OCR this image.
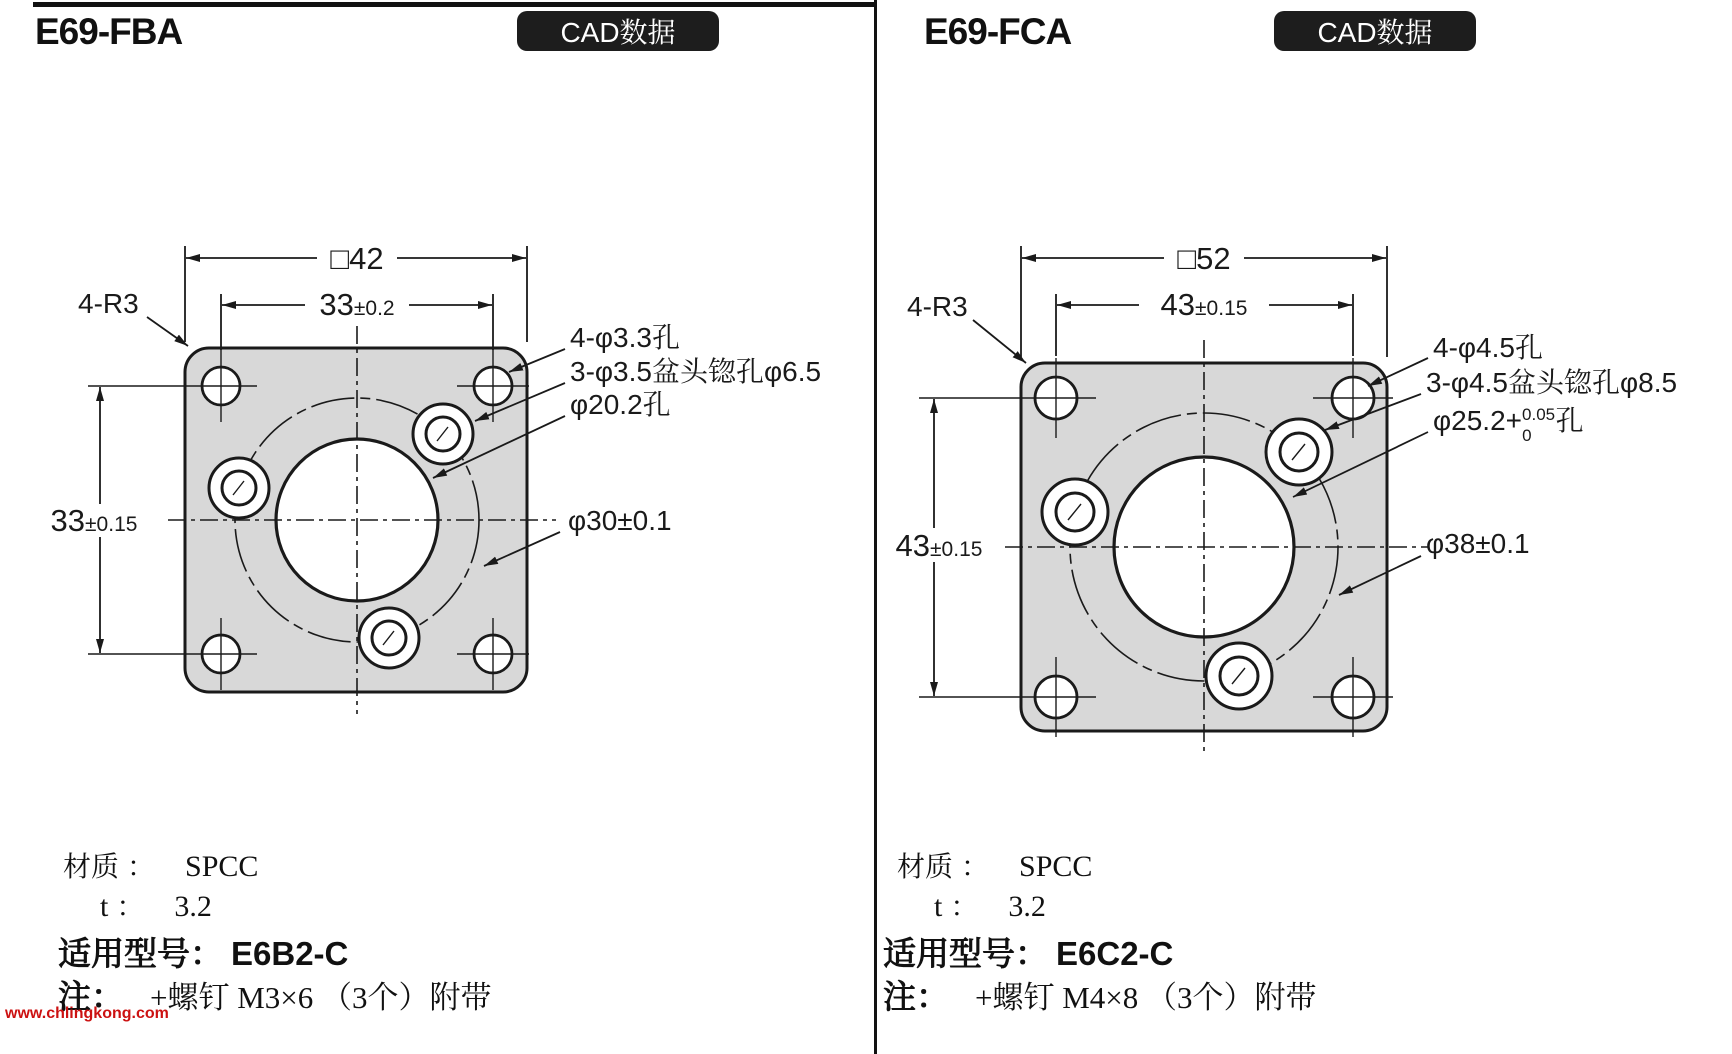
E69-FBA	CAD数据
□42
33±0.2
33±0.15
4-R3
4-φ3.3孔
3-φ3.5盆头锪孔φ6.5
φ20.2孔
φ30±0.1
材质 ： SPCC
t ： 3.2
适用型号： E6B2-C
注： +螺钉 M3×6 （3个）附带
E69-FCA	CAD数据
□52
43±0.15
43±0.15
4-R3
4-φ4.5孔
3-φ4.5盆头锪孔φ8.5
φ25.2+$^{0.05}$ 0 孔
φ38±0.1
材质 ： SPCC
t ： 3.2
适用型号： E6C2-C
注： +螺钉 M4×8 （3个）附带
www.chlingkong.com
